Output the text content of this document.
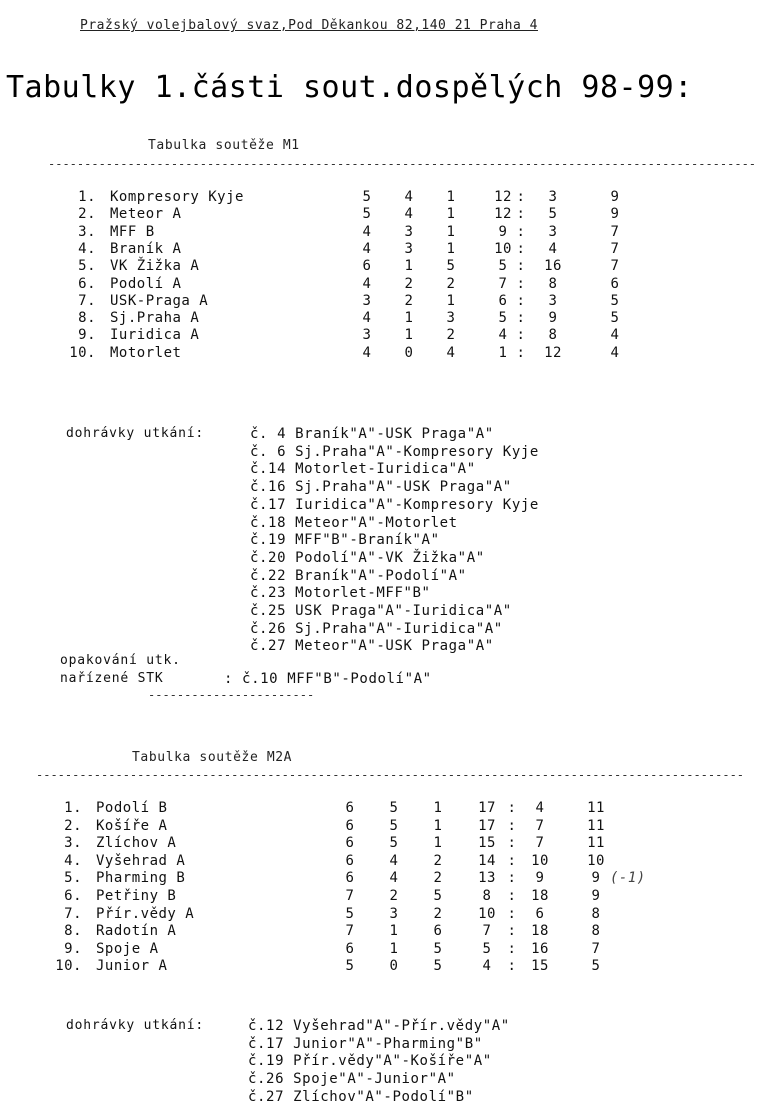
Pražský volejbalový svaz,Pod Děkankou 82,140 21 Praha 4
Tabulky 1.části sout.dospělých 98-99:
Tabulka soutěže M1
--------------------------------------------------------------------------------------------------
1. Kompresory Kyje	5	4	1	12 :	3	9
2. Meteor A	5	4	1	12 :	5	9
3. MFF B	4	3	1	9 :	3	7
4. Braník A	4	3	1	10 :	4	7
5. VK Žižka A	6	1	5	5 :	16	7
6. Podolí A	4	2	2	7 :	8	6
7. USK-Praga A	3	2	1	6 :	3	5
8. Sj.Praha A	4	1	3	5 :	9	5
9. Iuridica A	3	1	2	4 :	8	4
10. Motorlet	4	0	4	1 :	12	4
dohrávky utkání:	č. 4 Braník"A"-USK Praga"A"
č. 6 Sj.Praha"A"-Kompresory Kyje
č.14 Motorlet-Iuridica"A"
č.16 Sj.Praha"A"-USK Praga"A"
č.17 Iuridica"A"-Kompresory Kyje
č.18 Meteor"A"-Motorlet
č.19 MFF"B"-Braník"A"
č.20 Podolí"A"-VK Žižka"A"
č.22 Braník"A"-Podolí"A"
č.23 Motorlet-MFF"B"
č.25 USK Praga"A"-Iuridica"A"
č.26 Sj.Praha"A"-Iuridica"A"
č.27 Meteor"A"-USK Praga"A"
opakování utk.
nařízené STK	: č.10 MFF"B"-Podolí"A"
-----------------------
Tabulka soutěže M2A
--------------------------------------------------------------------------------------------------
1. Podolí B	6	5	1	17 :	4	11
2. Košíře A	6	5	1	17 :	7	11
3. Zlíchov A	6	5	1	15 :	7	11
4. Vyšehrad A	6	4	2	14 :	10	10
5. Pharming B	6	4	2	13 :	9	9 (-1)
6. Petřiny B	7	2	5	8	:	18	9
7. Přír.vědy A	5	3	2	10 :	6	8
8. Radotín A	7	1	6	7	:	18	8
9. Spoje A	6	1	5	5	:	16	7
10. Junior A	5	0	5	4	:	15	5
dohrávky utkání:	č.12 Vyšehrad"A"-Přír.vědy"A"
č.17 Junior"A"-Pharming"B"
č.19 Přír.vědy"A"-Košíře"A"
č.26 Spoje"A"-Junior"A"
č.27 Zlíchov"A"-Podolí"B"
